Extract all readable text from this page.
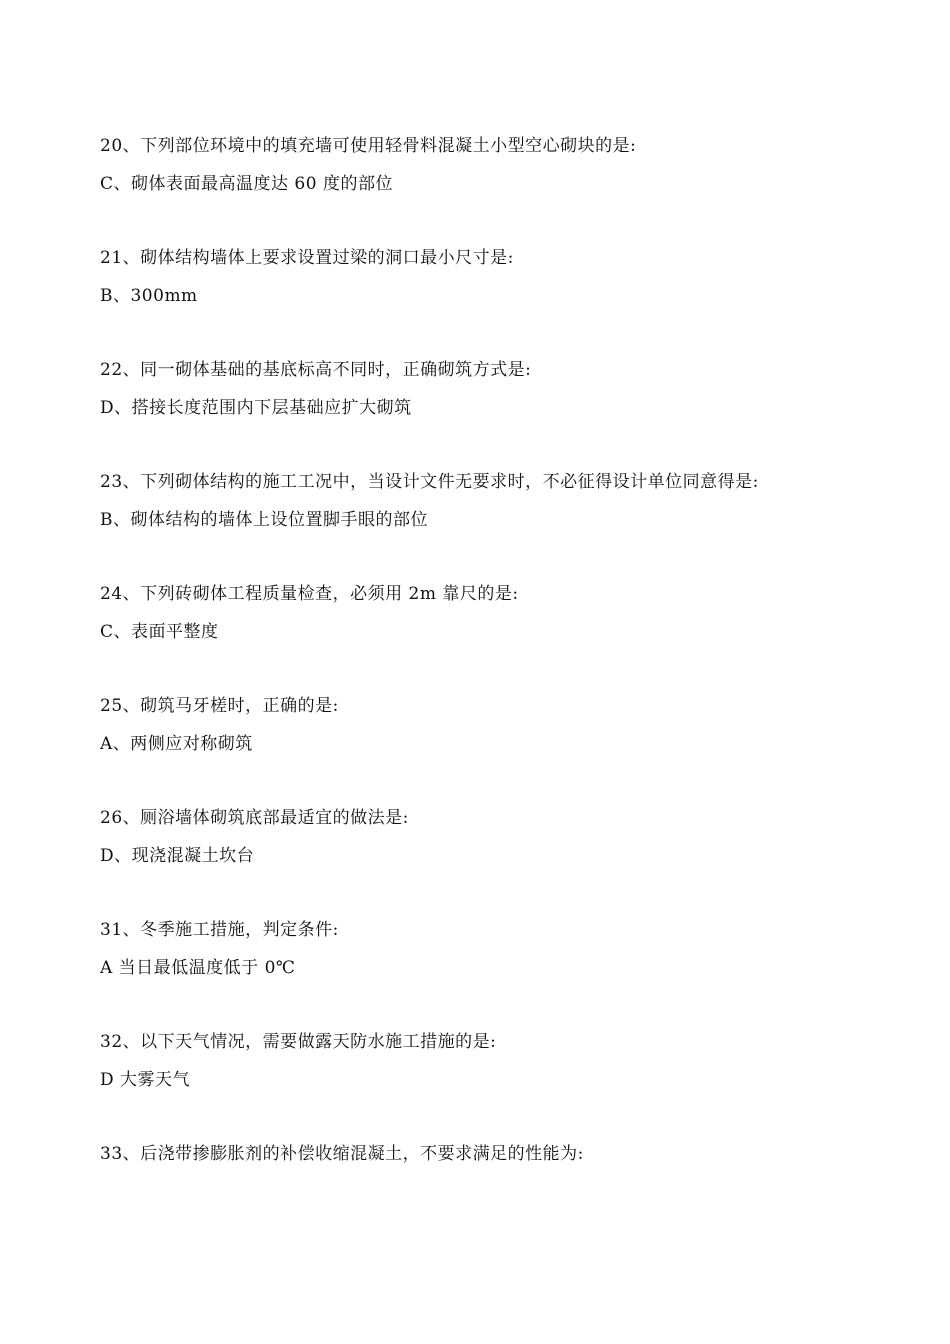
20、下列部位环境中的填充墙可使用轻骨料混凝土小型空心砌块的是:
C、砌体表面最高温度达 60 度的部位
21、砌体结构墙体上要求设置过梁的洞口最小尺寸是:
B、300mm
22、同一砌体基础的基底标高不同时，正确砌筑方式是:
D、搭接长度范围内下层基础应扩大砌筑
23、下列砌体结构的施工工况中，当设计文件无要求时，不必征得设计单位同意得是:
B、砌体结构的墙体上设位置脚手眼的部位
24、下列砖砌体工程质量检查，必须用 2m 靠尺的是:
C、表面平整度
25、砌筑马牙槎时，正确的是:
A、两侧应对称砌筑
26、厕浴墙体砌筑底部最适宜的做法是:
D、现浇混凝土坎台
31、冬季施工措施，判定条件:
A 当日最低温度低于 0℃
32、以下天气情况，需要做露天防水施工措施的是:
D 大雾天气
33、后浇带掺膨胀剂的补偿收缩混凝土，不要求满足的性能为:
